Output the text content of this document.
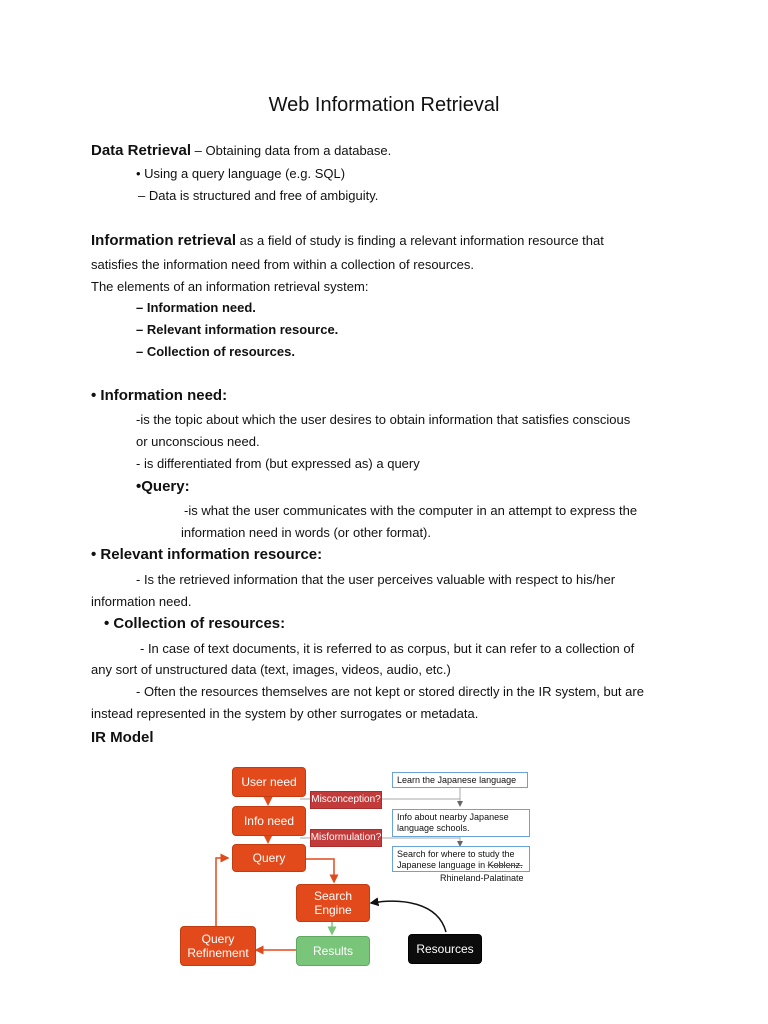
Web Information Retrieval
Data Retrieval – Obtaining data from a database.
• Using a query language (e.g. SQL)
– Data is structured and free of ambiguity.
Information retrieval as a field of study is finding a relevant information resource that
satisfies the information need from within a collection of resources.
The elements of an information retrieval system:
– Information need.
– Relevant information resource.
– Collection of resources.
• Information need:
-is the topic about which the user desires to obtain information that satisfies conscious
or unconscious need.
- is differentiated from (but expressed as) a query
•Query:
-is what the user communicates with the computer in an attempt to express the
information need in words (or other format).
• Relevant information resource:
- Is the retrieved information that the user perceives valuable with respect to his/her
information need.
• Collection of resources:
- In case of text documents, it is referred to as corpus, but it can refer to a collection of
any sort of unstructured data (text, images, videos, audio, etc.)
- Often the resources themselves are not kept or stored directly in the IR system, but are
instead represented in the system by other surrogates or metadata.
IR Model
User need
Info need
Query
Search Engine
Results
Query Refinement	Resources
Misconception?
Misformulation?
Learn the Japanese language
Info about nearby Japanese language schools.
Search for where to study the Japanese language in Koblenz.
Rhineland-Palatinate
